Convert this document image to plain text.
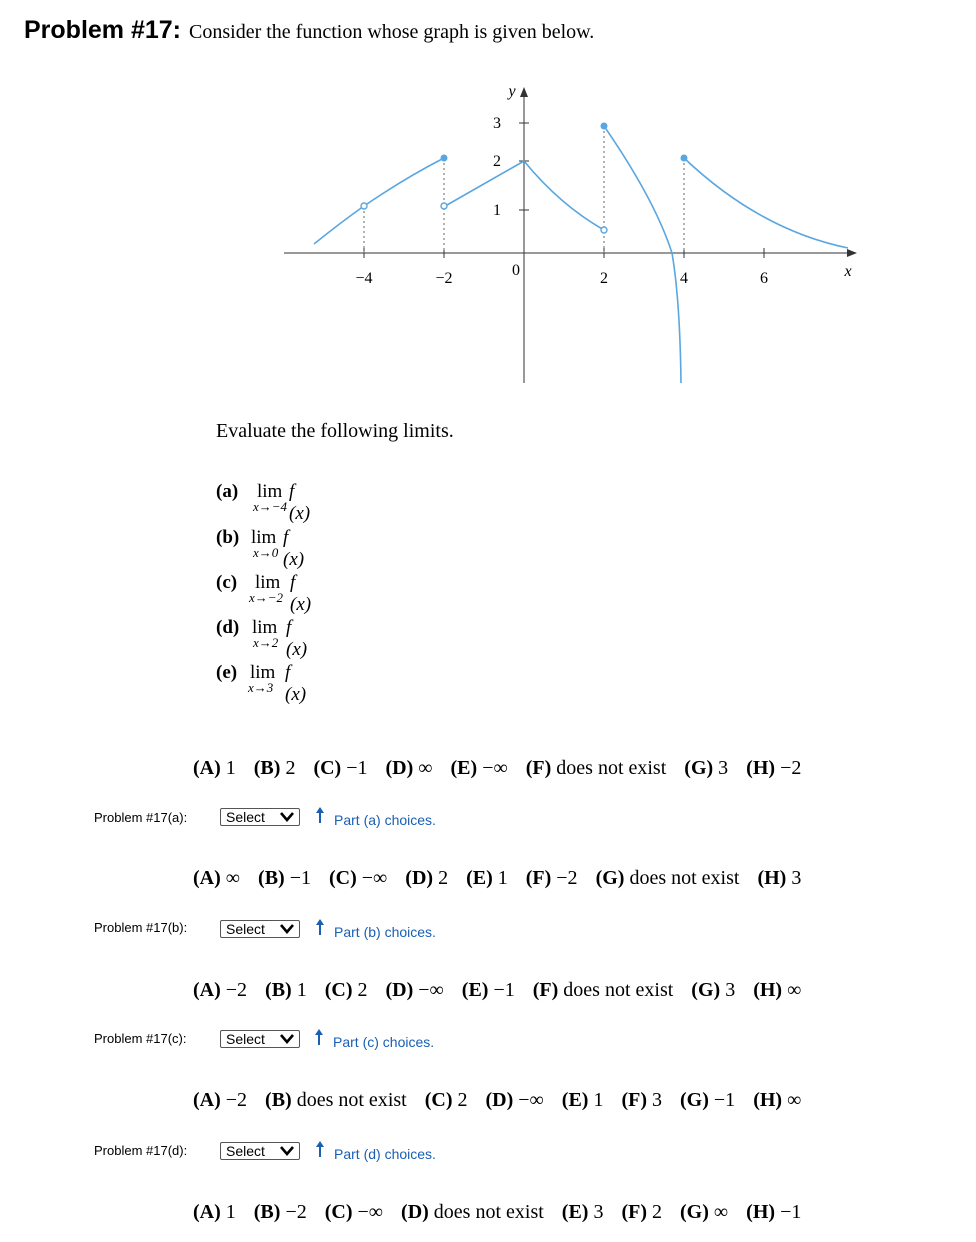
Problem #17: Consider the function whose graph is given below.
−4	−2	0	2	4	6	x
1
2
3
y
Evaluate the following limits.
(a) lim
x→−4
f (x)
(b) lim
x→0
f (x)
(c) lim
x→−2
f (x)
(d) lim
x→2
f (x)
(e) lim
x→3
f (x)
(A) 1 (B) 2 (C) −1 (D) ∞ (E) −∞ (F) does not exist (G) 3 (H) −2
Problem #17(a):	Select	Part (a) choices.
(A) ∞ (B) −1 (C) −∞ (D) 2 (E) 1 (F) −2 (G) does not exist (H) 3
Problem #17(b):	Select	Part (b) choices.
(A) −2 (B) 1 (C) 2 (D) −∞ (E) −1 (F) does not exist (G) 3 (H) ∞
Problem #17(c):	Select	Part (c) choices.
(A) −2 (B) does not exist (C) 2 (D) −∞ (E) 1 (F) 3 (G) −1 (H) ∞
Problem #17(d):	Select	Part (d) choices.
(A) 1 (B) −2 (C) −∞ (D) does not exist (E) 3 (F) 2 (G) ∞ (H) −1
